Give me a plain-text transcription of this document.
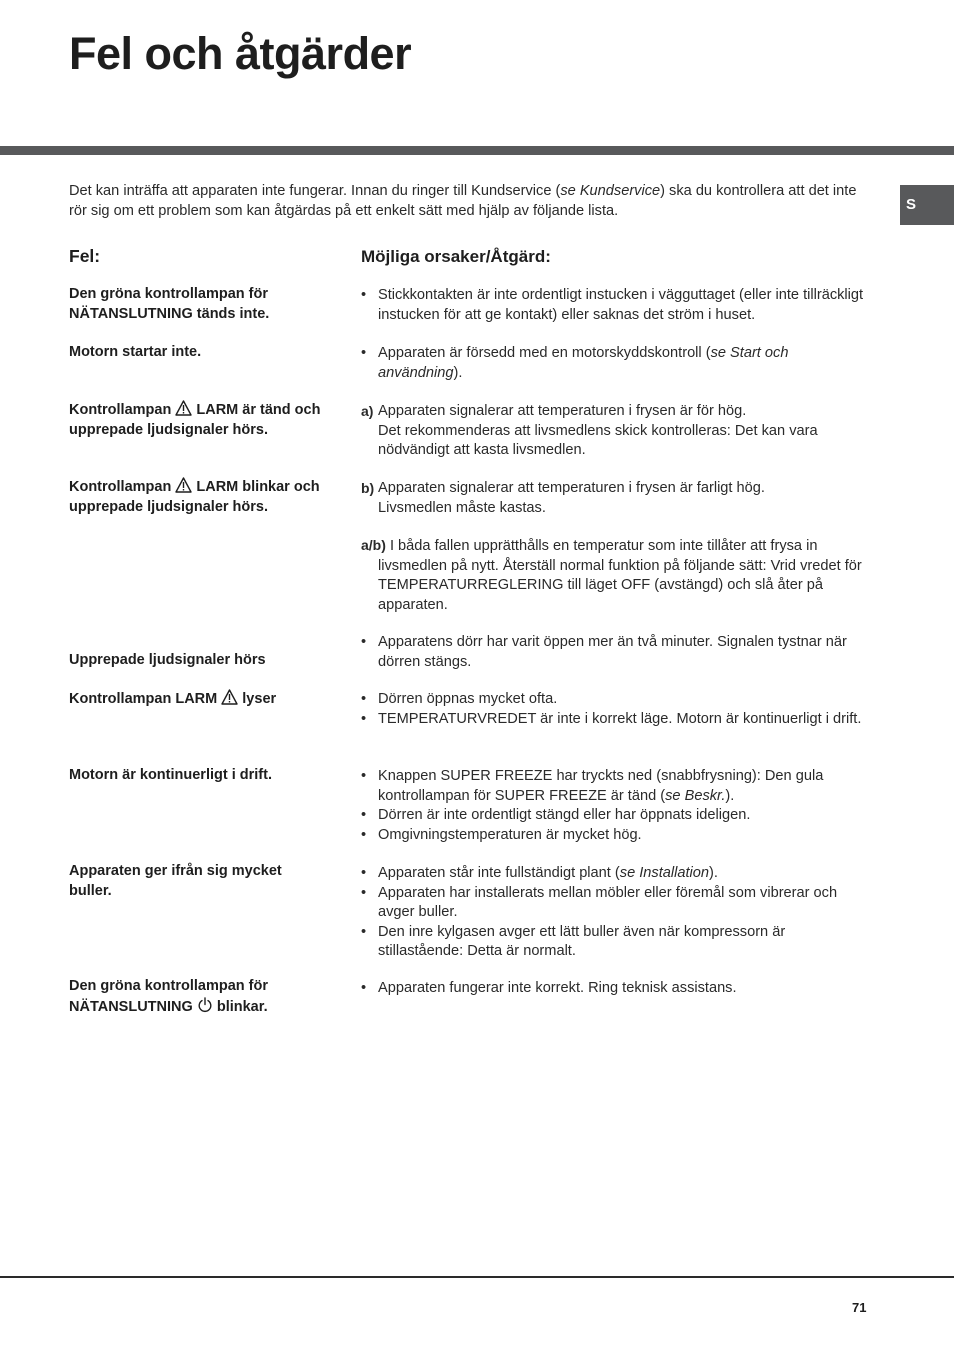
Fel och åtgärder
S
Det kan inträffa att apparaten inte fungerar. Innan du ringer till Kundservice (se Kundservice) ska du kontrollera att det inte rör sig om ett problem som kan åtgärdas på ett enkelt sätt med hjälp av följande lista.
Fel:	Möjliga orsaker/Åtgärd:
Den gröna kontrollampan för NÄTANSLUTNING tänds inte.
Motorn startar inte.
Kontrollampan LARM är tänd och upprepade ljudsignaler hörs.
Kontrollampan LARM blinkar och upprepade ljudsignaler hörs.
Upprepade ljudsignaler hörs
Kontrollampan LARM lyser
Motorn är kontinuerligt i drift.
Apparaten ger ifrån sig mycket buller.
Den gröna kontrollampan för NÄTANSLUTNING blinkar.
• Stickkontakten är inte ordentligt instucken i vägguttaget (eller inte tillräckligt instucken för att ge kontakt) eller saknas det ström i huset.
• Apparaten är försedd med en motorskyddskontroll (se Start och användning).
a) Apparaten signalerar att temperaturen i frysen är för hög.
Det rekommenderas att livsmedlens skick kontrolleras: Det kan vara nödvändigt att kasta livsmedlen.
b) Apparaten signalerar att temperaturen i frysen är farligt hög.
Livsmedlen måste kastas.
a/b) I båda fallen upprätthålls en temperatur som inte tillåter att frysa in livsmedlen på nytt. Återställ normal funktion på följande sätt: Vrid vredet för TEMPERATURREGLERING till läget OFF (avstängd) och slå åter på apparaten.
• Apparatens dörr har varit öppen mer än två minuter. Signalen tystnar när dörren stängs.
• Dörren öppnas mycket ofta.
• TEMPERATURVREDET är inte i korrekt läge. Motorn är kontinuerligt i drift.
• Knappen SUPER FREEZE har tryckts ned (snabbfrysning): Den gula kontrollampan för SUPER FREEZE är tänd (se Beskr.).
• Dörren är inte ordentligt stängd eller har öppnats ideligen.
• Omgivningstemperaturen är mycket hög.
• Apparaten står inte fullständigt plant (se Installation).
• Apparaten har installerats mellan möbler eller föremål som vibrerar och avger buller.
• Den inre kylgasen avger ett lätt buller även när kompressorn är stillastående: Detta är normalt.
• Apparaten fungerar inte korrekt. Ring teknisk assistans.
71
